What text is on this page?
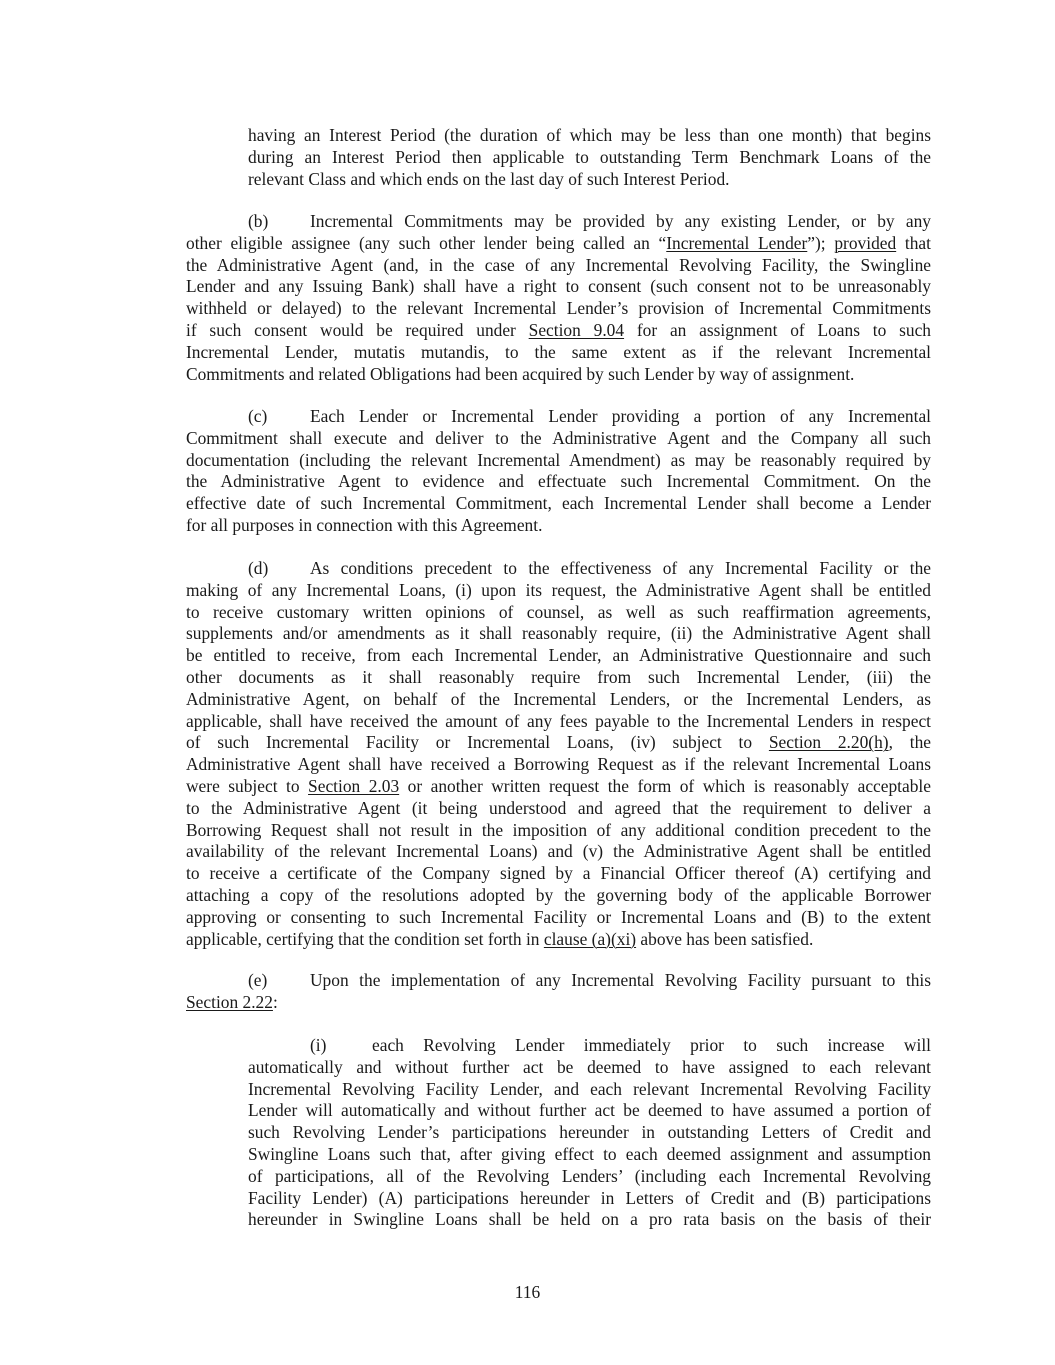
having an Interest Period (the duration of which may be less than one month) that begins
during an Interest Period then applicable to outstanding Term Benchmark Loans of the
relevant Class and which ends on the last day of such Interest Period.
(b) Incremental Commitments may be provided by any existing Lender, or by any
other eligible assignee (any such other lender being called an “Incremental Lender”); provided that
the Administrative Agent (and, in the case of any Incremental Revolving Facility, the Swingline
Lender and any Issuing Bank) shall have a right to consent (such consent not to be unreasonably
withheld or delayed) to the relevant Incremental Lender’s provision of Incremental Commitments
if such consent would be required under Section 9.04 for an assignment of Loans to such
Incremental Lender, mutatis mutandis, to the same extent as if the relevant Incremental
Commitments and related Obligations had been acquired by such Lender by way of assignment.
(c) Each Lender or Incremental Lender providing a portion of any Incremental
Commitment shall execute and deliver to the Administrative Agent and the Company all such
documentation (including the relevant Incremental Amendment) as may be reasonably required by
the Administrative Agent to evidence and effectuate such Incremental Commitment. On the
effective date of such Incremental Commitment, each Incremental Lender shall become a Lender
for all purposes in connection with this Agreement.
(d) As conditions precedent to the effectiveness of any Incremental Facility or the
making of any Incremental Loans, (i) upon its request, the Administrative Agent shall be entitled
to receive customary written opinions of counsel, as well as such reaffirmation agreements,
supplements and/or amendments as it shall reasonably require, (ii) the Administrative Agent shall
be entitled to receive, from each Incremental Lender, an Administrative Questionnaire and such
other documents as it shall reasonably require from such Incremental Lender, (iii) the
Administrative Agent, on behalf of the Incremental Lenders, or the Incremental Lenders, as
applicable, shall have received the amount of any fees payable to the Incremental Lenders in respect
of such Incremental Facility or Incremental Loans, (iv) subject to Section 2.20(h), the
Administrative Agent shall have received a Borrowing Request as if the relevant Incremental Loans
were subject to Section 2.03 or another written request the form of which is reasonably acceptable
to the Administrative Agent (it being understood and agreed that the requirement to deliver a
Borrowing Request shall not result in the imposition of any additional condition precedent to the
availability of the relevant Incremental Loans) and (v) the Administrative Agent shall be entitled
to receive a certificate of the Company signed by a Financial Officer thereof (A) certifying and
attaching a copy of the resolutions adopted by the governing body of the applicable Borrower
approving or consenting to such Incremental Facility or Incremental Loans and (B) to the extent
applicable, certifying that the condition set forth in clause (a)(xi) above has been satisfied.
(e) Upon the implementation of any Incremental Revolving Facility pursuant to this
Section 2.22:
(i)	each Revolving Lender immediately prior to such increase will
automatically and without further act be deemed to have assigned to each relevant
Incremental Revolving Facility Lender, and each relevant Incremental Revolving Facility
Lender will automatically and without further act be deemed to have assumed a portion of
such Revolving Lender’s participations hereunder in outstanding Letters of Credit and
Swingline Loans such that, after giving effect to each deemed assignment and assumption
of participations, all of the Revolving Lenders’ (including each Incremental Revolving
Facility Lender) (A) participations hereunder in Letters of Credit and (B) participations
hereunder in Swingline Loans shall be held on a pro rata basis on the basis of their
116
